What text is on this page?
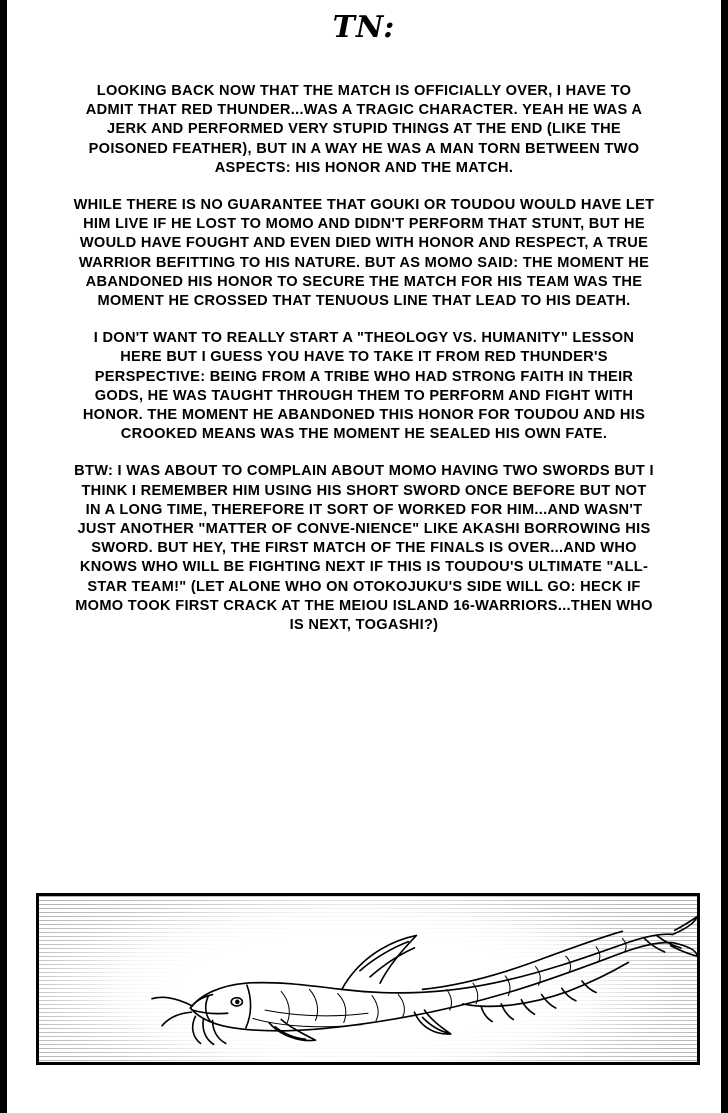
TN:

LOOKING BACK NOW THAT THE MATCH IS OFFICIALLY OVER, I HAVE TO ADMIT THAT RED THUNDER...WAS A TRAGIC CHARACTER. YEAH HE WAS A JERK AND PERFORMED VERY STUPID THINGS AT THE END (LIKE THE POISONED FEATHER), BUT IN A WAY HE WAS A MAN TORN BETWEEN TWO ASPECTS: HIS HONOR AND THE MATCH.

WHILE THERE IS NO GUARANTEE THAT GOUKI OR TOUDOU WOULD HAVE LET HIM LIVE IF HE LOST TO MOMO AND DIDN'T PERFORM THAT STUNT, BUT HE WOULD HAVE FOUGHT AND EVEN DIED WITH HONOR AND RESPECT, A TRUE WARRIOR BEFITTING TO HIS NATURE. BUT AS MOMO SAID: THE MOMENT HE ABANDONED HIS HONOR TO SECURE THE MATCH FOR HIS TEAM WAS THE MOMENT HE CROSSED THAT TENUOUS LINE THAT LEAD TO HIS DEATH.

I DON'T WANT TO REALLY START A "THEOLOGY VS. HUMANITY" LESSON HERE BUT I GUESS YOU HAVE TO TAKE IT FROM RED THUNDER'S PERSPECTIVE: BEING FROM A TRIBE WHO HAD STRONG FAITH IN THEIR GODS, HE WAS TAUGHT THROUGH THEM TO PERFORM AND FIGHT WITH HONOR. THE MOMENT HE ABANDONED THIS HONOR FOR TOUDOU AND HIS CROOKED MEANS WAS THE MOMENT HE SEALED HIS OWN FATE.

BTW: I WAS ABOUT TO COMPLAIN ABOUT MOMO HAVING TWO SWORDS BUT I THINK I REMEMBER HIM USING HIS SHORT SWORD ONCE BEFORE BUT NOT IN A LONG TIME, THEREFORE IT SORT OF WORKED FOR HIM...AND WASN'T JUST ANOTHER "MATTER OF CONVE-NIENCE" LIKE AKASHI BORROWING HIS SWORD. BUT HEY, THE FIRST MATCH OF THE FINALS IS OVER...AND WHO KNOWS WHO WILL BE FIGHTING NEXT IF THIS IS TOUDOU'S ULTIMATE "ALL-STAR TEAM!" (LET ALONE WHO ON OTOKOJUKU'S SIDE WILL GO: HECK IF MOMO TOOK FIRST CRACK AT THE MEIOU ISLAND 16-WARRIORS...THEN WHO IS NEXT, TOGASHI?)
